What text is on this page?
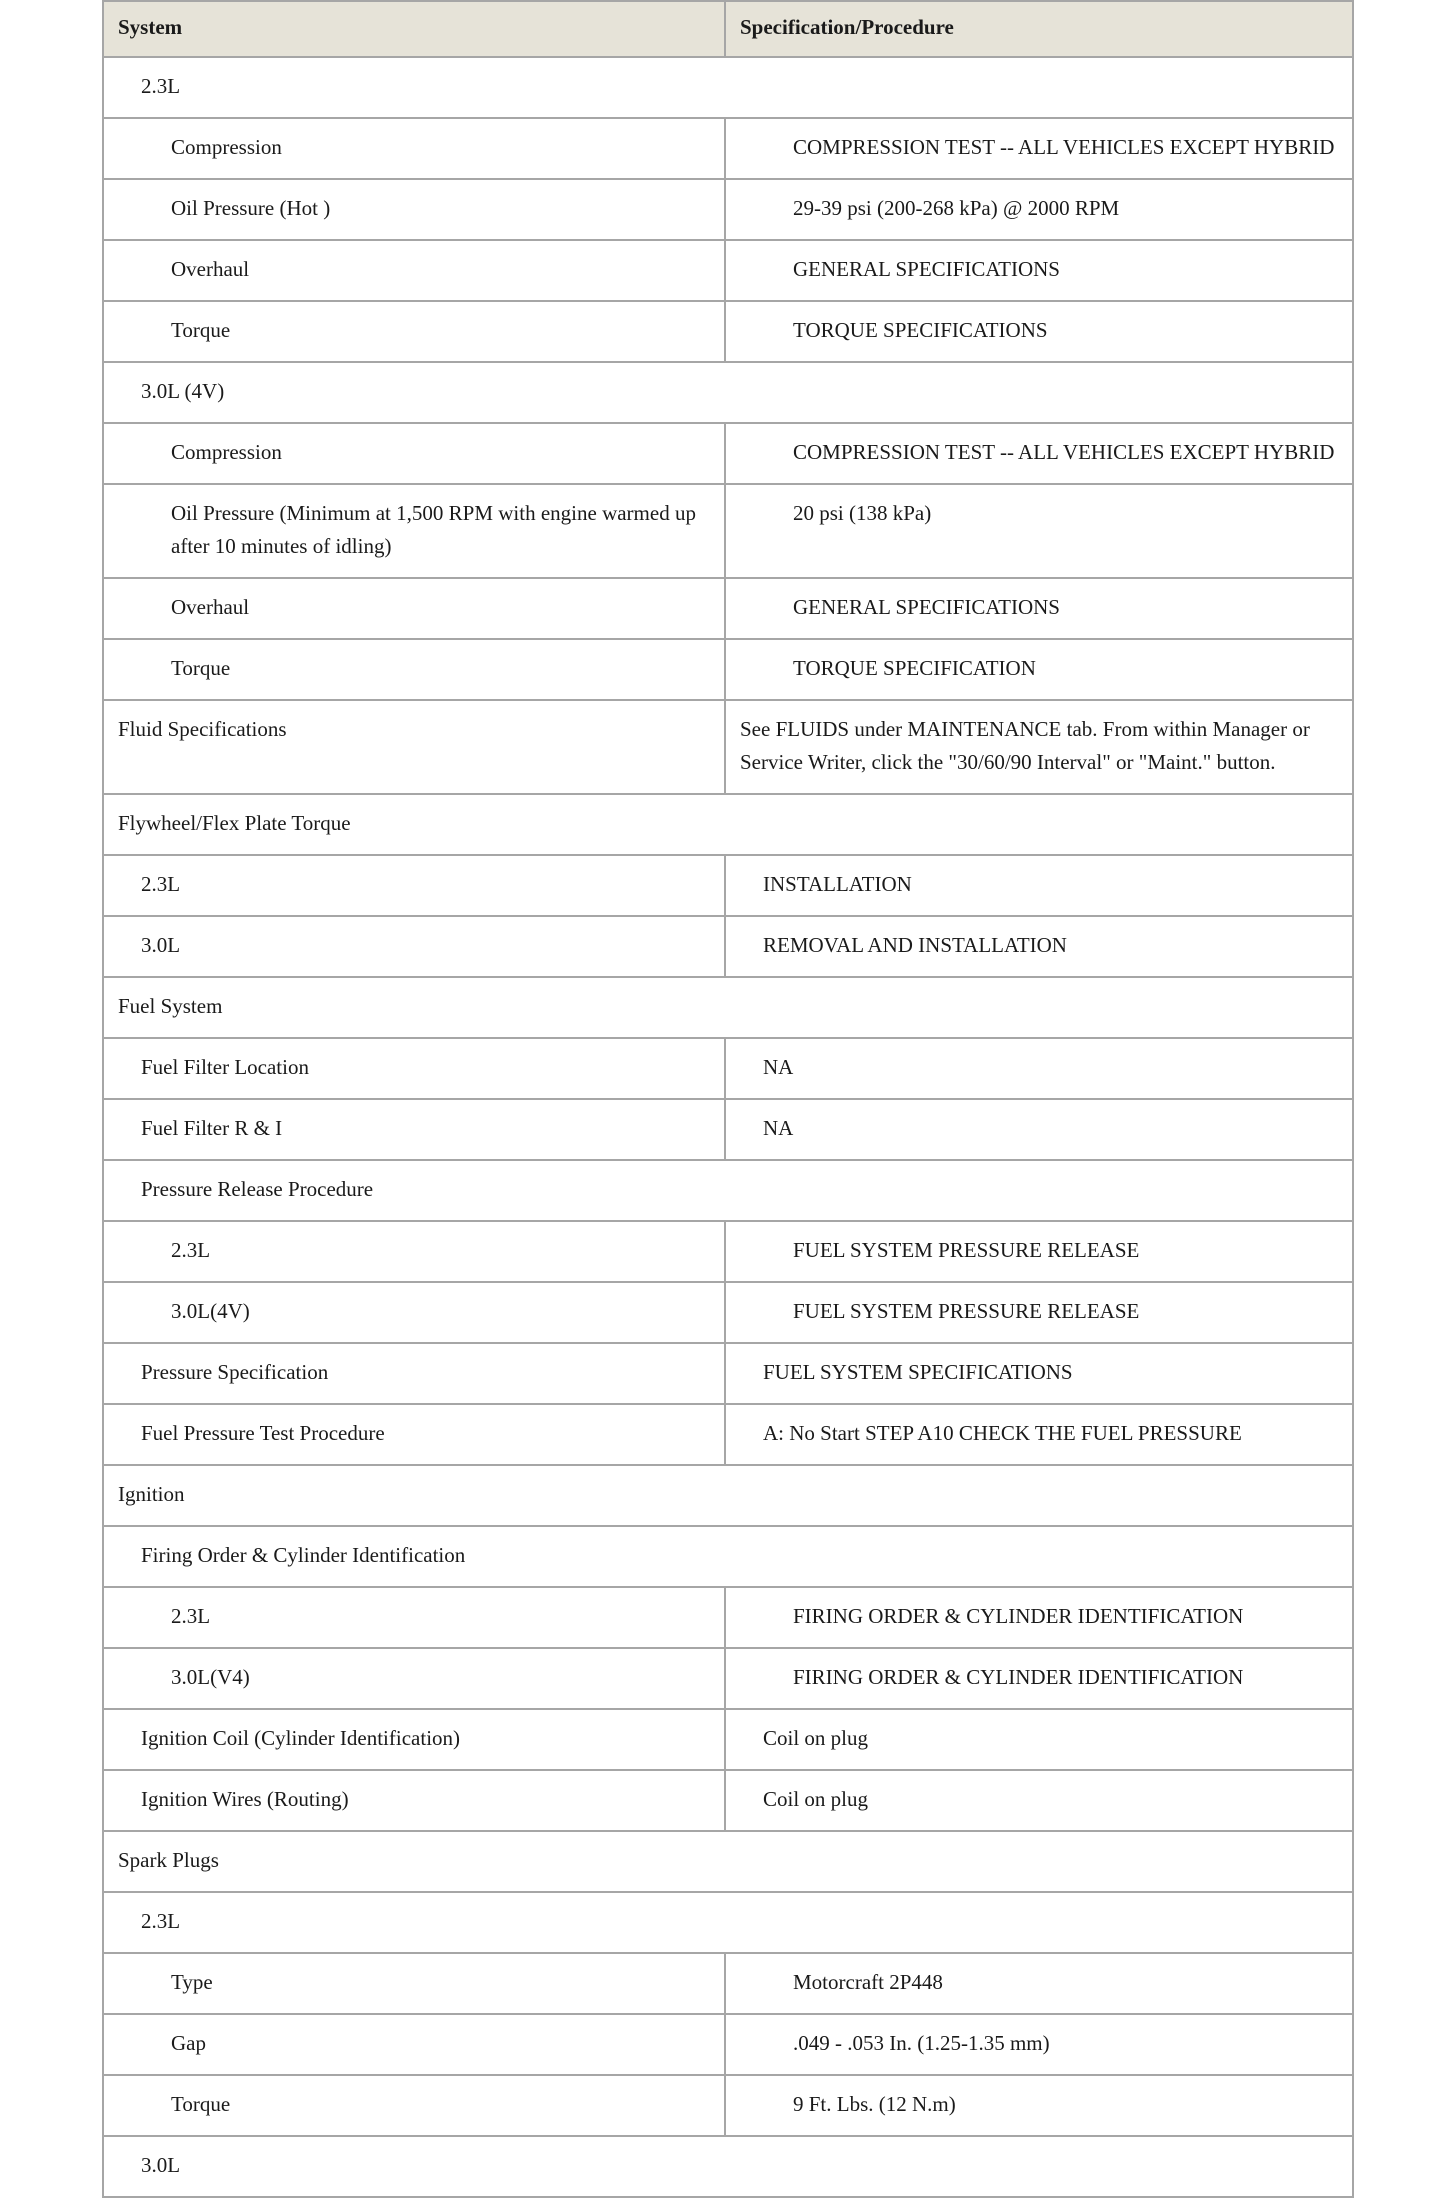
System	Specification/Procedure
2.3L	
Compression	COMPRESSION TEST -- ALL VEHICLES EXCEPT HYBRID
Oil Pressure (Hot )	29-39 psi (200-268 kPa) @ 2000 RPM
Overhaul	GENERAL SPECIFICATIONS
Torque	TORQUE SPECIFICATIONS
3.0L (4V)	
Compression	COMPRESSION TEST -- ALL VEHICLES EXCEPT HYBRID
Oil Pressure (Minimum at 1,500 RPM with engine warmed up after 10 minutes of idling)	20 psi (138 kPa)
Overhaul	GENERAL SPECIFICATIONS
Torque	TORQUE SPECIFICATION
Fluid Specifications	See FLUIDS under MAINTENANCE tab. From within Manager or Service Writer, click the "30/60/90 Interval" or "Maint." button.
Flywheel/Flex Plate Torque	
2.3L	INSTALLATION
3.0L	REMOVAL AND INSTALLATION
Fuel System	
Fuel Filter Location	NA
Fuel Filter R & I	NA
Pressure Release Procedure	
2.3L	FUEL SYSTEM PRESSURE RELEASE
3.0L(4V)	FUEL SYSTEM PRESSURE RELEASE
Pressure Specification	FUEL SYSTEM SPECIFICATIONS
Fuel Pressure Test Procedure	A: No Start STEP A10 CHECK THE FUEL PRESSURE
Ignition	
Firing Order & Cylinder Identification	
2.3L	FIRING ORDER & CYLINDER IDENTIFICATION
3.0L(V4)	FIRING ORDER & CYLINDER IDENTIFICATION
Ignition Coil (Cylinder Identification)	Coil on plug
Ignition Wires (Routing)	Coil on plug
Spark Plugs	
2.3L	
Type	Motorcraft 2P448
Gap	.049 - .053 In. (1.25-1.35 mm)
Torque	9 Ft. Lbs. (12 N.m)
3.0L	
